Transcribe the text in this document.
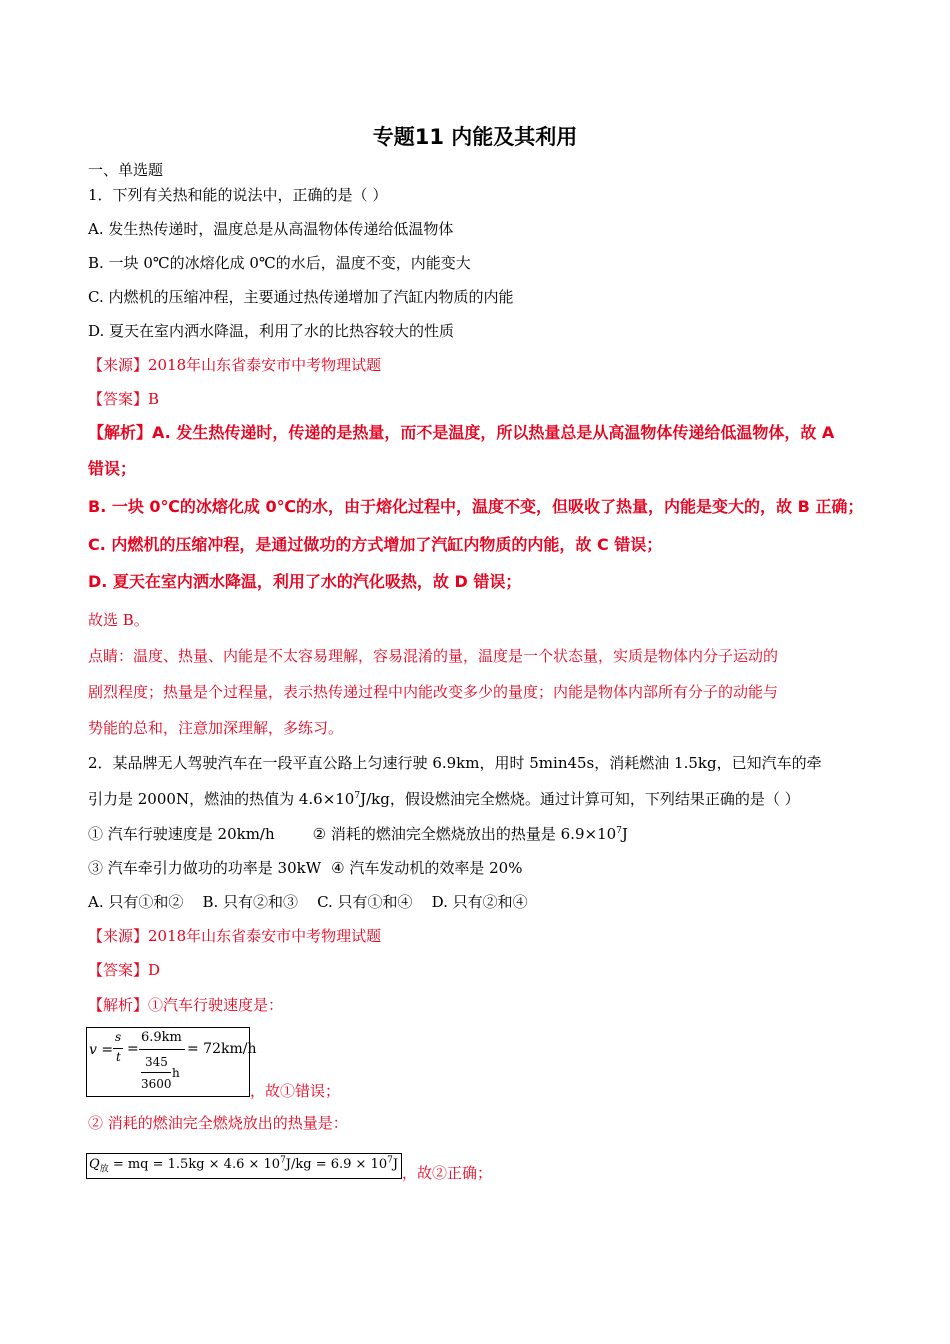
专题11 内能及其利用
一、单选题
1．下列有关热和能的说法中，正确的是（ ）
A. 发生热传递时，温度总是从高温物体传递给低温物体
B. 一块 0℃的冰熔化成 0℃的水后，温度不变，内能变大
C. 内燃机的压缩冲程，主要通过热传递增加了汽缸内物质的内能
D. 夏天在室内洒水降温，利用了水的比热容较大的性质
【来源】2018年山东省泰安市中考物理试题
【答案】B
【解析】A. 发生热传递时，传递的是热量，而不是温度，所以热量总是从高温物体传递给低温物体，故 A
错误；
B. 一块 0℃的冰熔化成 0℃的水，由于熔化过程中，温度不变，但吸收了热量，内能是变大的，故 B 正确；
C. 内燃机的压缩冲程，是通过做功的方式增加了汽缸内物质的内能，故 C 错误；
D. 夏天在室内洒水降温，利用了水的汽化吸热，故 D 错误；
故选 B。
点睛：温度、热量、内能是不太容易理解，容易混淆的量，温度是一个状态量，实质是物体内分子运动的
剧烈程度；热量是个过程量，表示热传递过程中内能改变多少的量度；内能是物体内部所有分子的动能与
势能的总和，注意加深理解，多练习。
2．某品牌无人驾驶汽车在一段平直公路上匀速行驶 6.9km，用时 5min45s，消耗燃油 1.5kg，已知汽车的牵
引力是 2000N，燃油的热值为 $4.6\times 10^7J/kg$，假设燃油完全燃烧。通过计算可知，下列结果正确的是（ ）
① 汽车行驶速度是 20km/h	② 消耗的燃油完全燃烧放出的热量是 $6.9\times 10^7J$
③ 汽车牵引力做功的功率是 30kW ④ 汽车发动机的效率是 20%
A. 只有①和②    B. 只有②和③    C. 只有①和④    D. 只有②和④
【来源】2018年山东省泰安市中考物理试题
【答案】D
【解析】①汽车行驶速度是：
v =
s
t =
6.9km
345
3600
h
= 72km/h
，故①错误；
② 消耗的燃油完全燃烧放出的热量是：
$Q_放$ = mq = $1.5kg \times 4.6 \times 10^7J/kg = 6.9 \times 10^7J$ ，故②正确；
